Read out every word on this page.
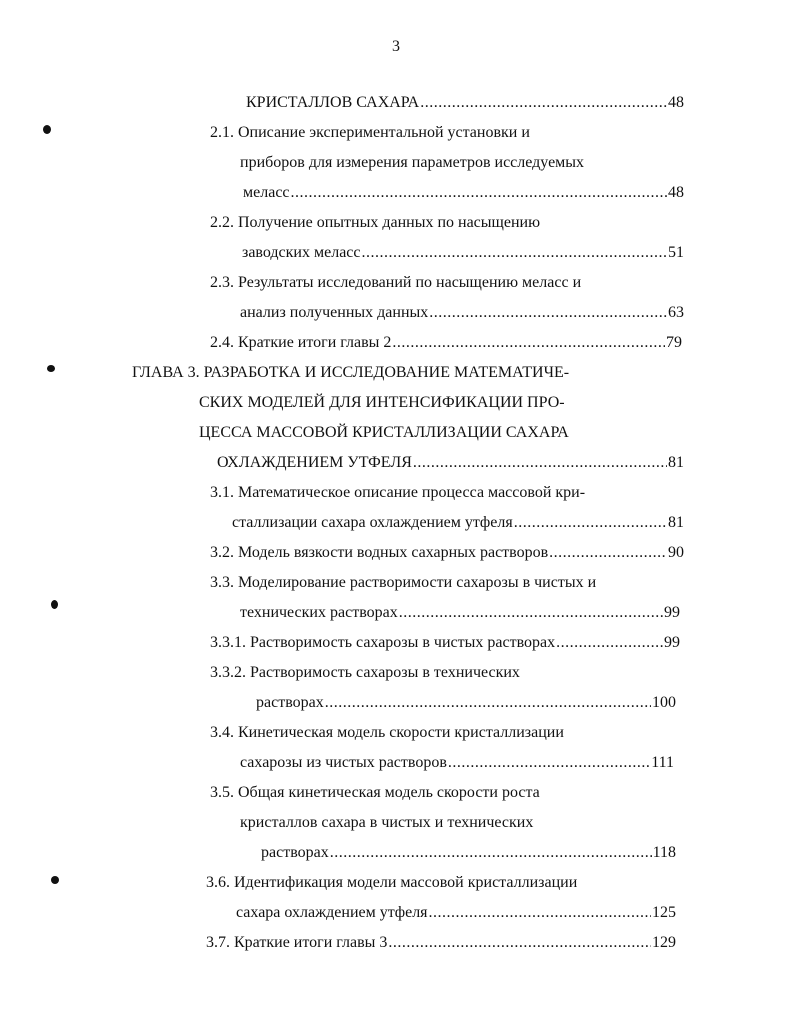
3
КРИСТАЛЛОВ САХАРА .....	48
2.1. Описание экспериментальной установки и
приборов для измерения параметров исследуемых
меласс .....	48
2.2. Получение опытных данных по насыщению
заводских меласс .....	51
2.3. Результаты исследований по насыщению меласс и
анализ полученных данных .....	63
2.4. Краткие итоги главы 2 .....	79
ГЛАВА 3. РАЗРАБОТКА И ИССЛЕДОВАНИЕ МАТЕМАТИЧЕ-
СКИХ МОДЕЛЕЙ ДЛЯ ИНТЕНСИФИКАЦИИ ПРО-
ЦЕССА МАССОВОЙ КРИСТАЛЛИЗАЦИИ САХАРА
ОХЛАЖДЕНИЕМ УТФЕЛЯ .....	81
3.1. Математическое описание процесса массовой кри-
сталлизации сахара охлаждением утфеля .....	81
3.2. Модель вязкости водных сахарных растворов .....	90
3.3. Моделирование растворимости сахарозы в чистых и
технических растворах .....	99
3.3.1. Растворимость сахарозы в чистых растворах .....	99
3.3.2. Растворимость сахарозы в технических
растворах .....	100
3.4. Кинетическая модель скорости кристаллизации
сахарозы из чистых растворов .....	111
3.5. Общая кинетическая модель скорости роста
кристаллов сахара в чистых и технических
растворах .....	118
3.6. Идентификация модели массовой кристаллизации
сахара охлаждением утфеля .....	125
3.7. Краткие итоги главы 3 .....	129
